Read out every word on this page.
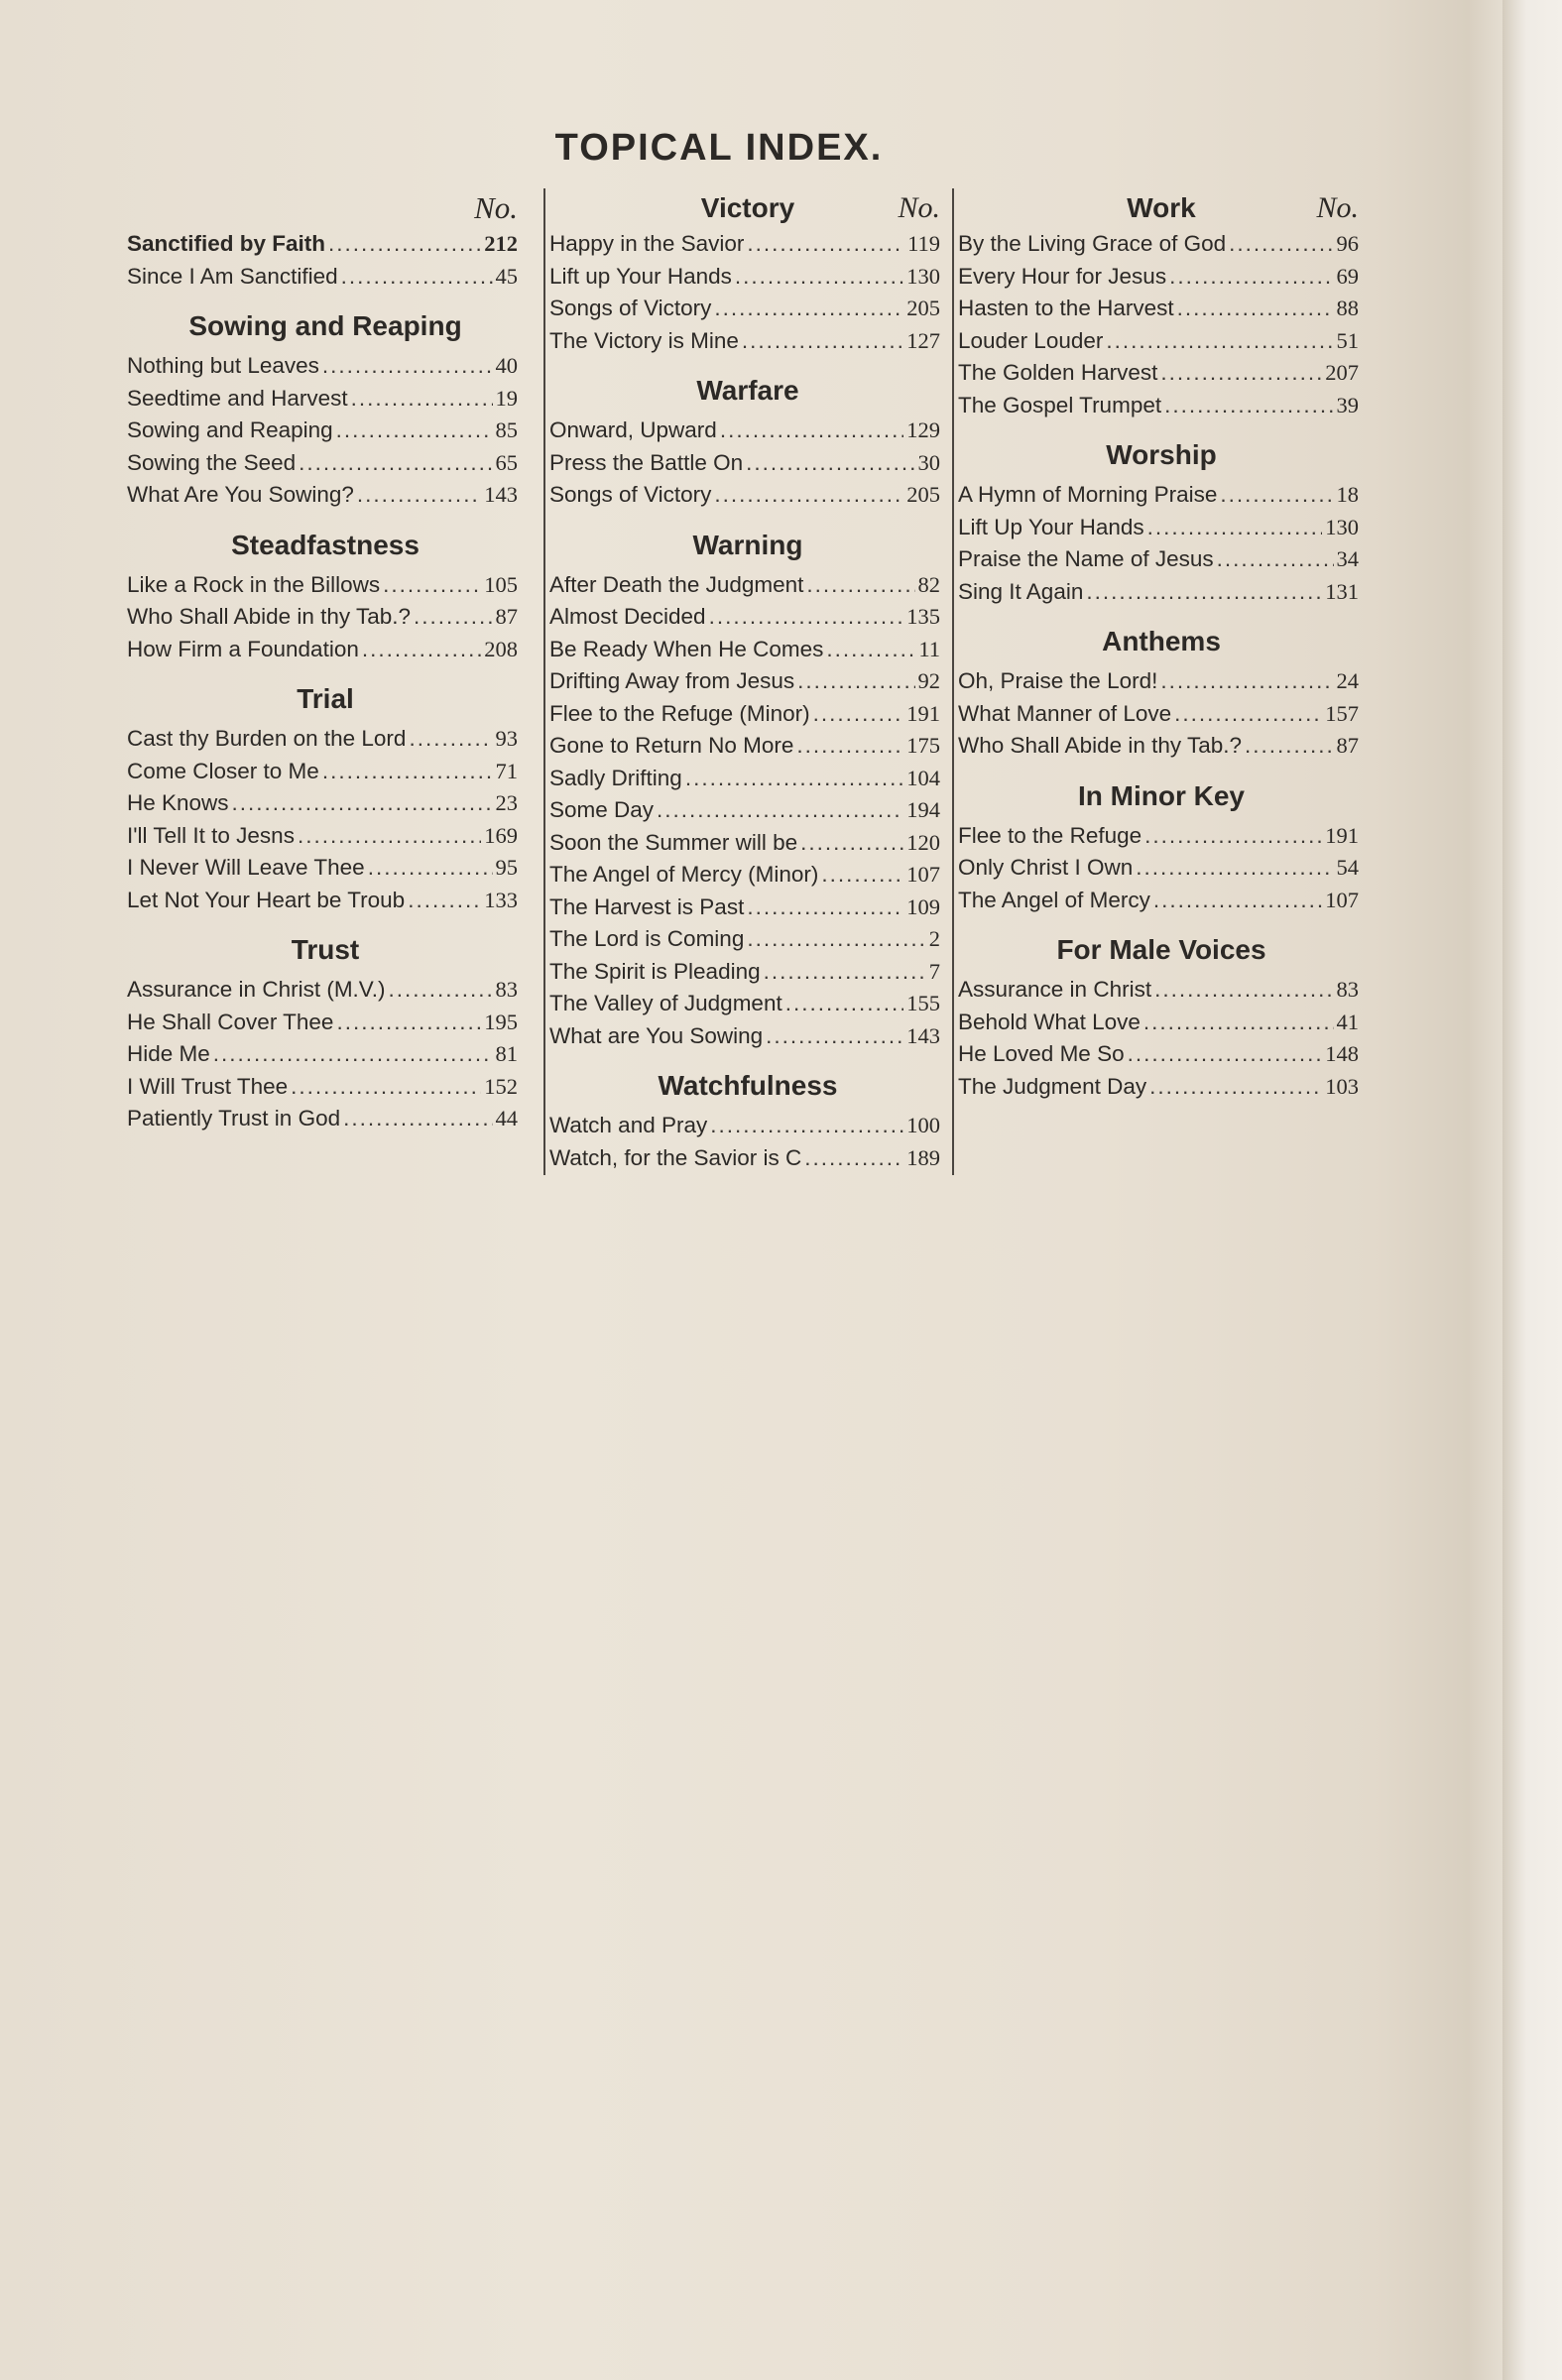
TOPICAL INDEX.
No.
Sanctified by Faith .....	212
Since I Am Sanctified .....	45
Sowing and Reaping
Nothing but Leaves .....	40
Seedtime and Harvest .....	19
Sowing and Reaping .....	85
Sowing the Seed .....	65
What Are You Sowing? .....	143
Steadfastness
Like a Rock in the Billows .....	105
Who Shall Abide in thy Tab.? .....	87
How Firm a Foundation .....	208
Trial
Cast thy Burden on the Lord .....	93
Come Closer to Me .....	71
He Knows .....	23
I'll Tell It to Jesns .....	169
I Never Will Leave Thee .....	95
Let Not Your Heart be Troub .....	133
Trust
Assurance in Christ (M.V.) .....	83
He Shall Cover Thee .....	195
Hide Me .....	81
I Will Trust Thee .....	152
Patiently Trust in God .....	44
Victory	No.
Happy in the Savior .....	119
Lift up Your Hands .....	130
Songs of Victory .....	205
The Victory is Mine .....	127
Warfare
Onward, Upward .....	129
Press the Battle On .....	30
Songs of Victory .....	205
Warning
After Death the Judgment .....	82
Almost Decided .....	135
Be Ready When He Comes .....	11
Drifting Away from Jesus .....	92
Flee to the Refuge (Minor) .....	191
Gone to Return No More .....	175
Sadly Drifting .....	104
Some Day .....	194
Soon the Summer will be .....	120
The Angel of Mercy (Minor) .....	107
The Harvest is Past .....	109
The Lord is Coming .....	2
The Spirit is Pleading .....	7
The Valley of Judgment .....	155
What are You Sowing .....	143
Watchfulness
Watch and Pray .....	100
Watch, for the Savior is C .....	189
Work	No.
By the Living Grace of God .....	96
Every Hour for Jesus .....	69
Hasten to the Harvest .....	88
Louder Louder .....	51
The Golden Harvest .....	207
The Gospel Trumpet .....	39
Worship
A Hymn of Morning Praise .....	18
Lift Up Your Hands .....	130
Praise the Name of Jesus .....	34
Sing It Again .....	131
Anthems
Oh, Praise the Lord! .....	24
What Manner of Love .....	157
Who Shall Abide in thy Tab.? .....	87
In Minor Key
Flee to the Refuge .....	191
Only Christ I Own .....	54
The Angel of Mercy .....	107
For Male Voices
Assurance in Christ .....	83
Behold What Love .....	41
He Loved Me So .....	148
The Judgment Day .....	103
